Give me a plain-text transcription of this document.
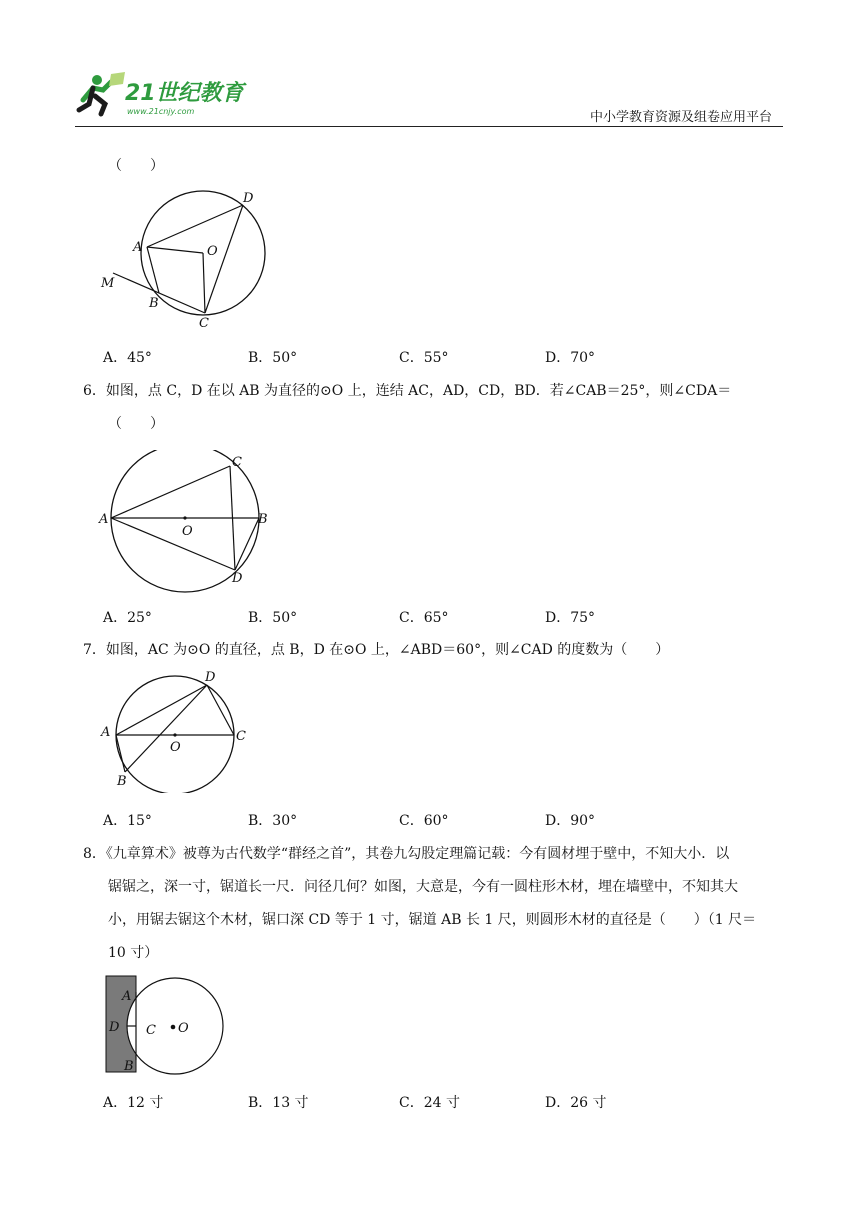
21世纪教育
www.21cnjy.com	中小学教育资源及组卷应用平台
（　　）
D
A	O
M
B
C
A．45°	B．50°	C．55°	D．70°
6．如图，点 C，D 在以 AB 为直径的⊙O 上，连结 AC，AD，CD，BD．若∠CAB＝25°，则∠CDA＝
（　　）
C
A
O
B
D
A．25°	B．50°	C．65°	D．75°
7．如图，AC 为⊙O 的直径，点 B，D 在⊙O 上，∠ABD＝60°，则∠CAD 的度数为（　　）
D
A
O
C
B
A．15°	B．30°	C．60°	D．90°
8．《九章算术》被尊为古代数学“群经之首”，其卷九勾股定理篇记载：今有圆材埋于壁中，不知大小．以
锯锯之，深一寸，锯道长一尺．问径几何？如图，大意是，今有一圆柱形木材，埋在墙壁中，不知其大
小，用锯去锯这个木材，锯口深 CD 等于 1 寸，锯道 AB 长 1 尺，则圆形木材的直径是（　　）（1 尺＝
10 寸）
A
D C O
B
A．12 寸	B．13 寸	C．24 寸	D．26 寸
